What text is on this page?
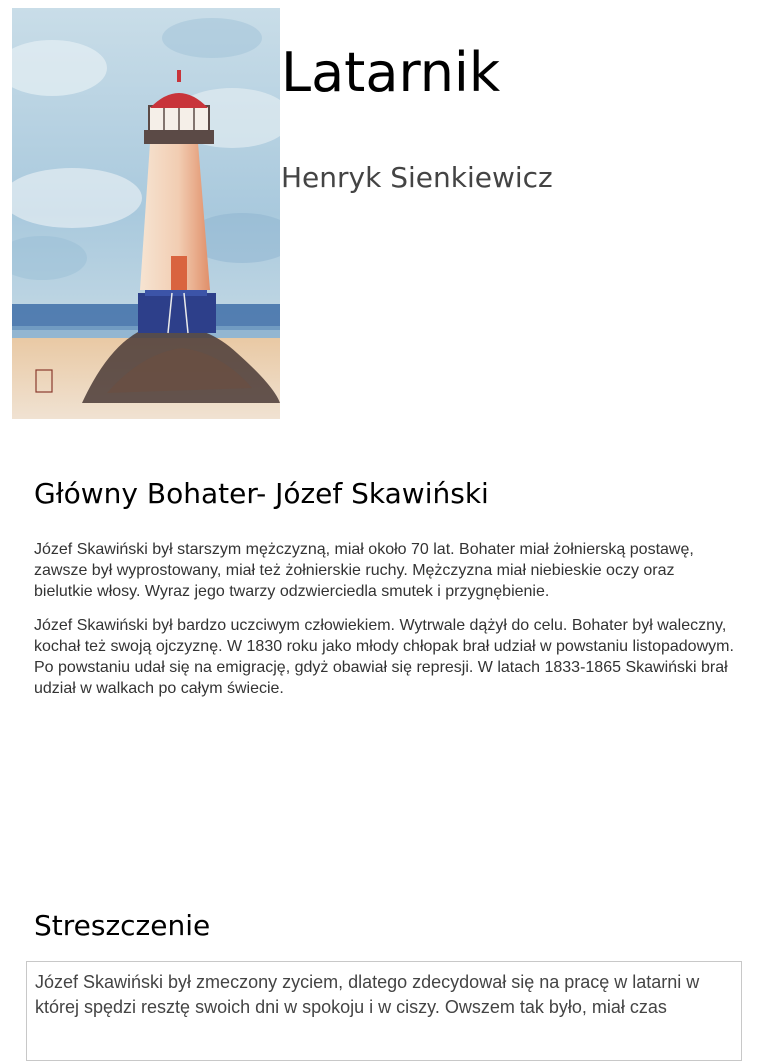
Latarnik
Henryk Sienkiewicz
Główny Bohater- Józef Skawiński

Józef Skawiński był starszym mężczyzną, miał około 70 lat. Bohater miał żołnierską postawę, zawsze był wyprostowany, miał też żołnierskie ruchy. Mężczyzna miał niebieskie oczy oraz bielutkie włosy. Wyraz jego twarzy odzwierciedla smutek i przygnębienie.

Józef Skawiński był bardzo uczciwym człowiekiem. Wytrwale dążył do celu. Bohater był waleczny, kochał też swoją ojczyznę. W 1830 roku jako młody chłopak brał udział w powstaniu listopadowym. Po powstaniu udał się na emigrację, gdyż obawiał się represji. W latach 1833-1865 Skawiński brał udział w walkach po całym świecie.

Streszczenie
Józef Skawiński był zmeczony zyciem, dlatego zdecydował się na pracę w latarni w której spędzi resztę swoich dni w spokoju i w ciszy. Owszem tak było, miał czas
